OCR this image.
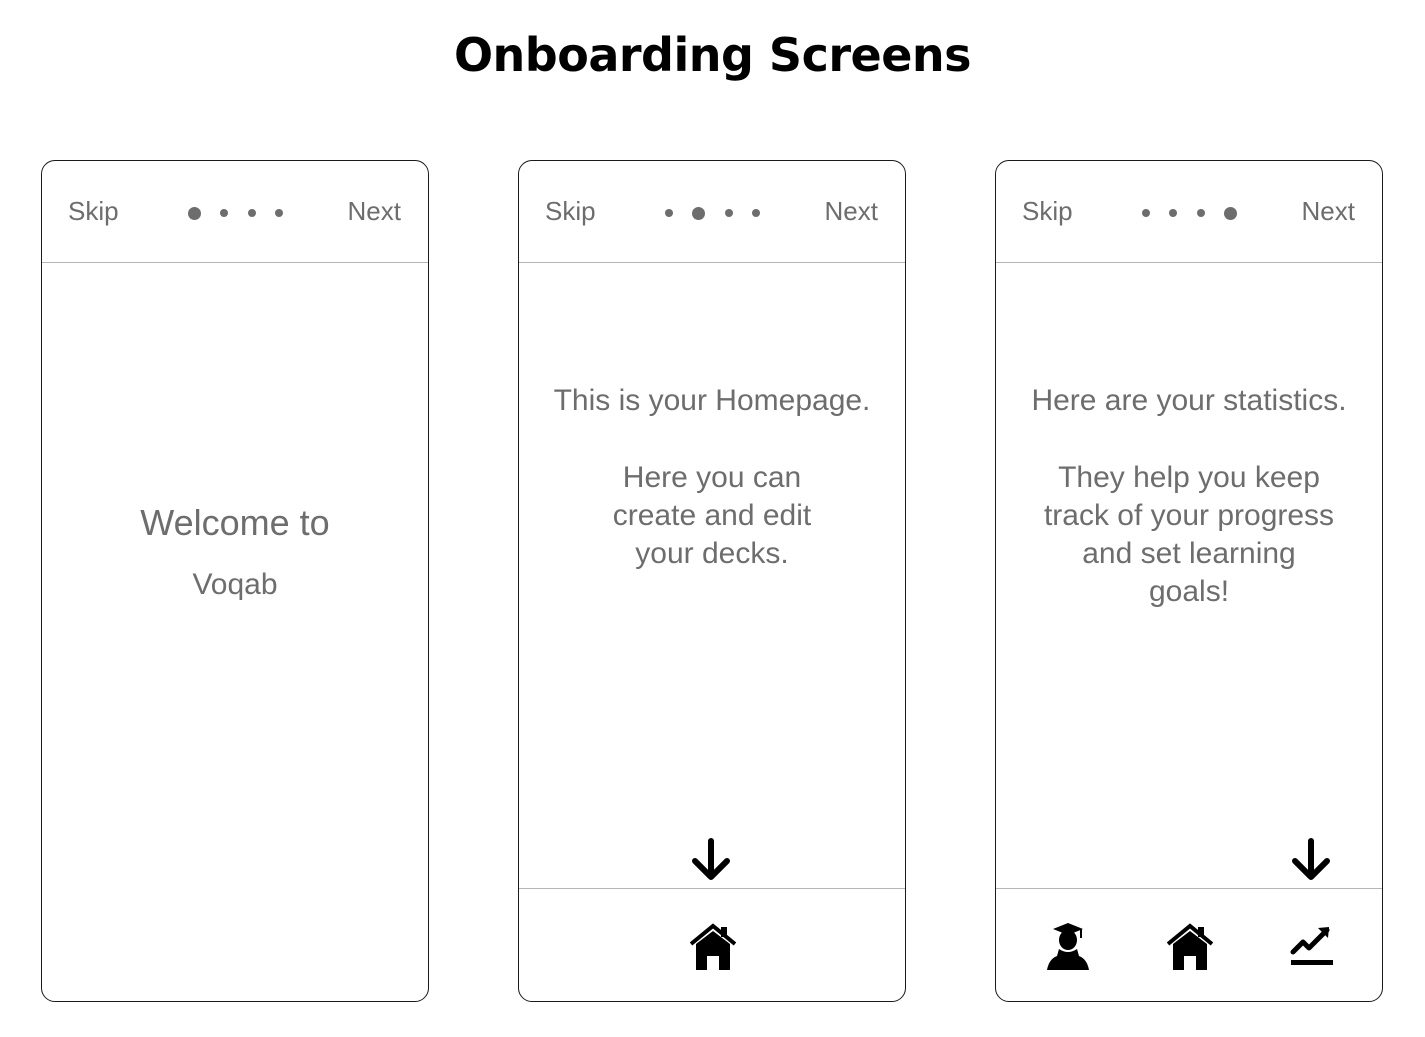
Onboarding Screens
Skip	Next
Welcome to
Voqab
Skip	Next
This is your Homepage.
Here you can
create and edit
your decks.
Skip	Next
Here are your statistics.
They help you keep
track of your progress
and set learning
goals!
